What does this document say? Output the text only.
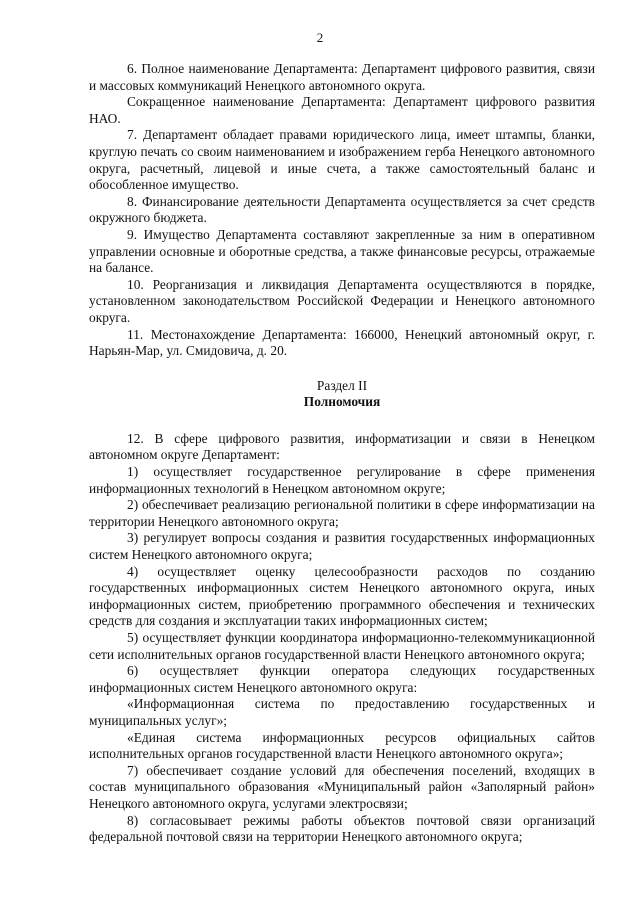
2

6. Полное наименование Департамента: Департамент цифрового развития, связи и массовых коммуникаций Ненецкого автономного округа.

Сокращенное наименование Департамента: Департамент цифрового развития НАО.

7. Департамент обладает правами юридического лица, имеет штампы, бланки, круглую печать со своим наименованием и изображением герба Ненецкого автономного округа, расчетный, лицевой и иные счета, а также самостоятельный баланс и обособленное имущество.

8. Финансирование деятельности Департамента осуществляется за счет средств окружного бюджета.

9. Имущество Департамента составляют закрепленные за ним в оперативном управлении основные и оборотные средства, а также финансовые ресурсы, отражаемые на балансе.

10. Реорганизация и ликвидация Департамента осуществляются в порядке, установленном законодательством Российской Федерации и Ненецкого автономного округа.

11. Местонахождение Департамента: 166000, Ненецкий автономный округ, г. Нарьян-Мар, ул. Смидовича, д. 20.

Раздел II
Полномочия

12. В сфере цифрового развития, информатизации и связи в Ненецком автономном округе Департамент:

1) осуществляет государственное регулирование в сфере применения информационных технологий в Ненецком автономном округе;

2) обеспечивает реализацию региональной политики в сфере информатизации на территории Ненецкого автономного округа;

3) регулирует вопросы создания и развития государственных информационных систем Ненецкого автономного округа;

4) осуществляет оценку целесообразности расходов по созданию государственных информационных систем Ненецкого автономного округа, иных информационных систем, приобретению программного обеспечения и технических средств для создания и эксплуатации таких информационных систем;

5) осуществляет функции координатора информационно-телекоммуникационной сети исполнительных органов государственной власти Ненецкого автономного округа;

6) осуществляет функции оператора следующих государственных информационных систем Ненецкого автономного округа:

«Информационная система по предоставлению государственных и муниципальных услуг»;

«Единая система информационных ресурсов официальных сайтов исполнительных органов государственной власти Ненецкого автономного округа»;

7) обеспечивает создание условий для обеспечения поселений, входящих в состав муниципального образования «Муниципальный район «Заполярный район» Ненецкого автономного округа, услугами электросвязи;

8) согласовывает режимы работы объектов почтовой связи организаций федеральной почтовой связи на территории Ненецкого автономного округа;
